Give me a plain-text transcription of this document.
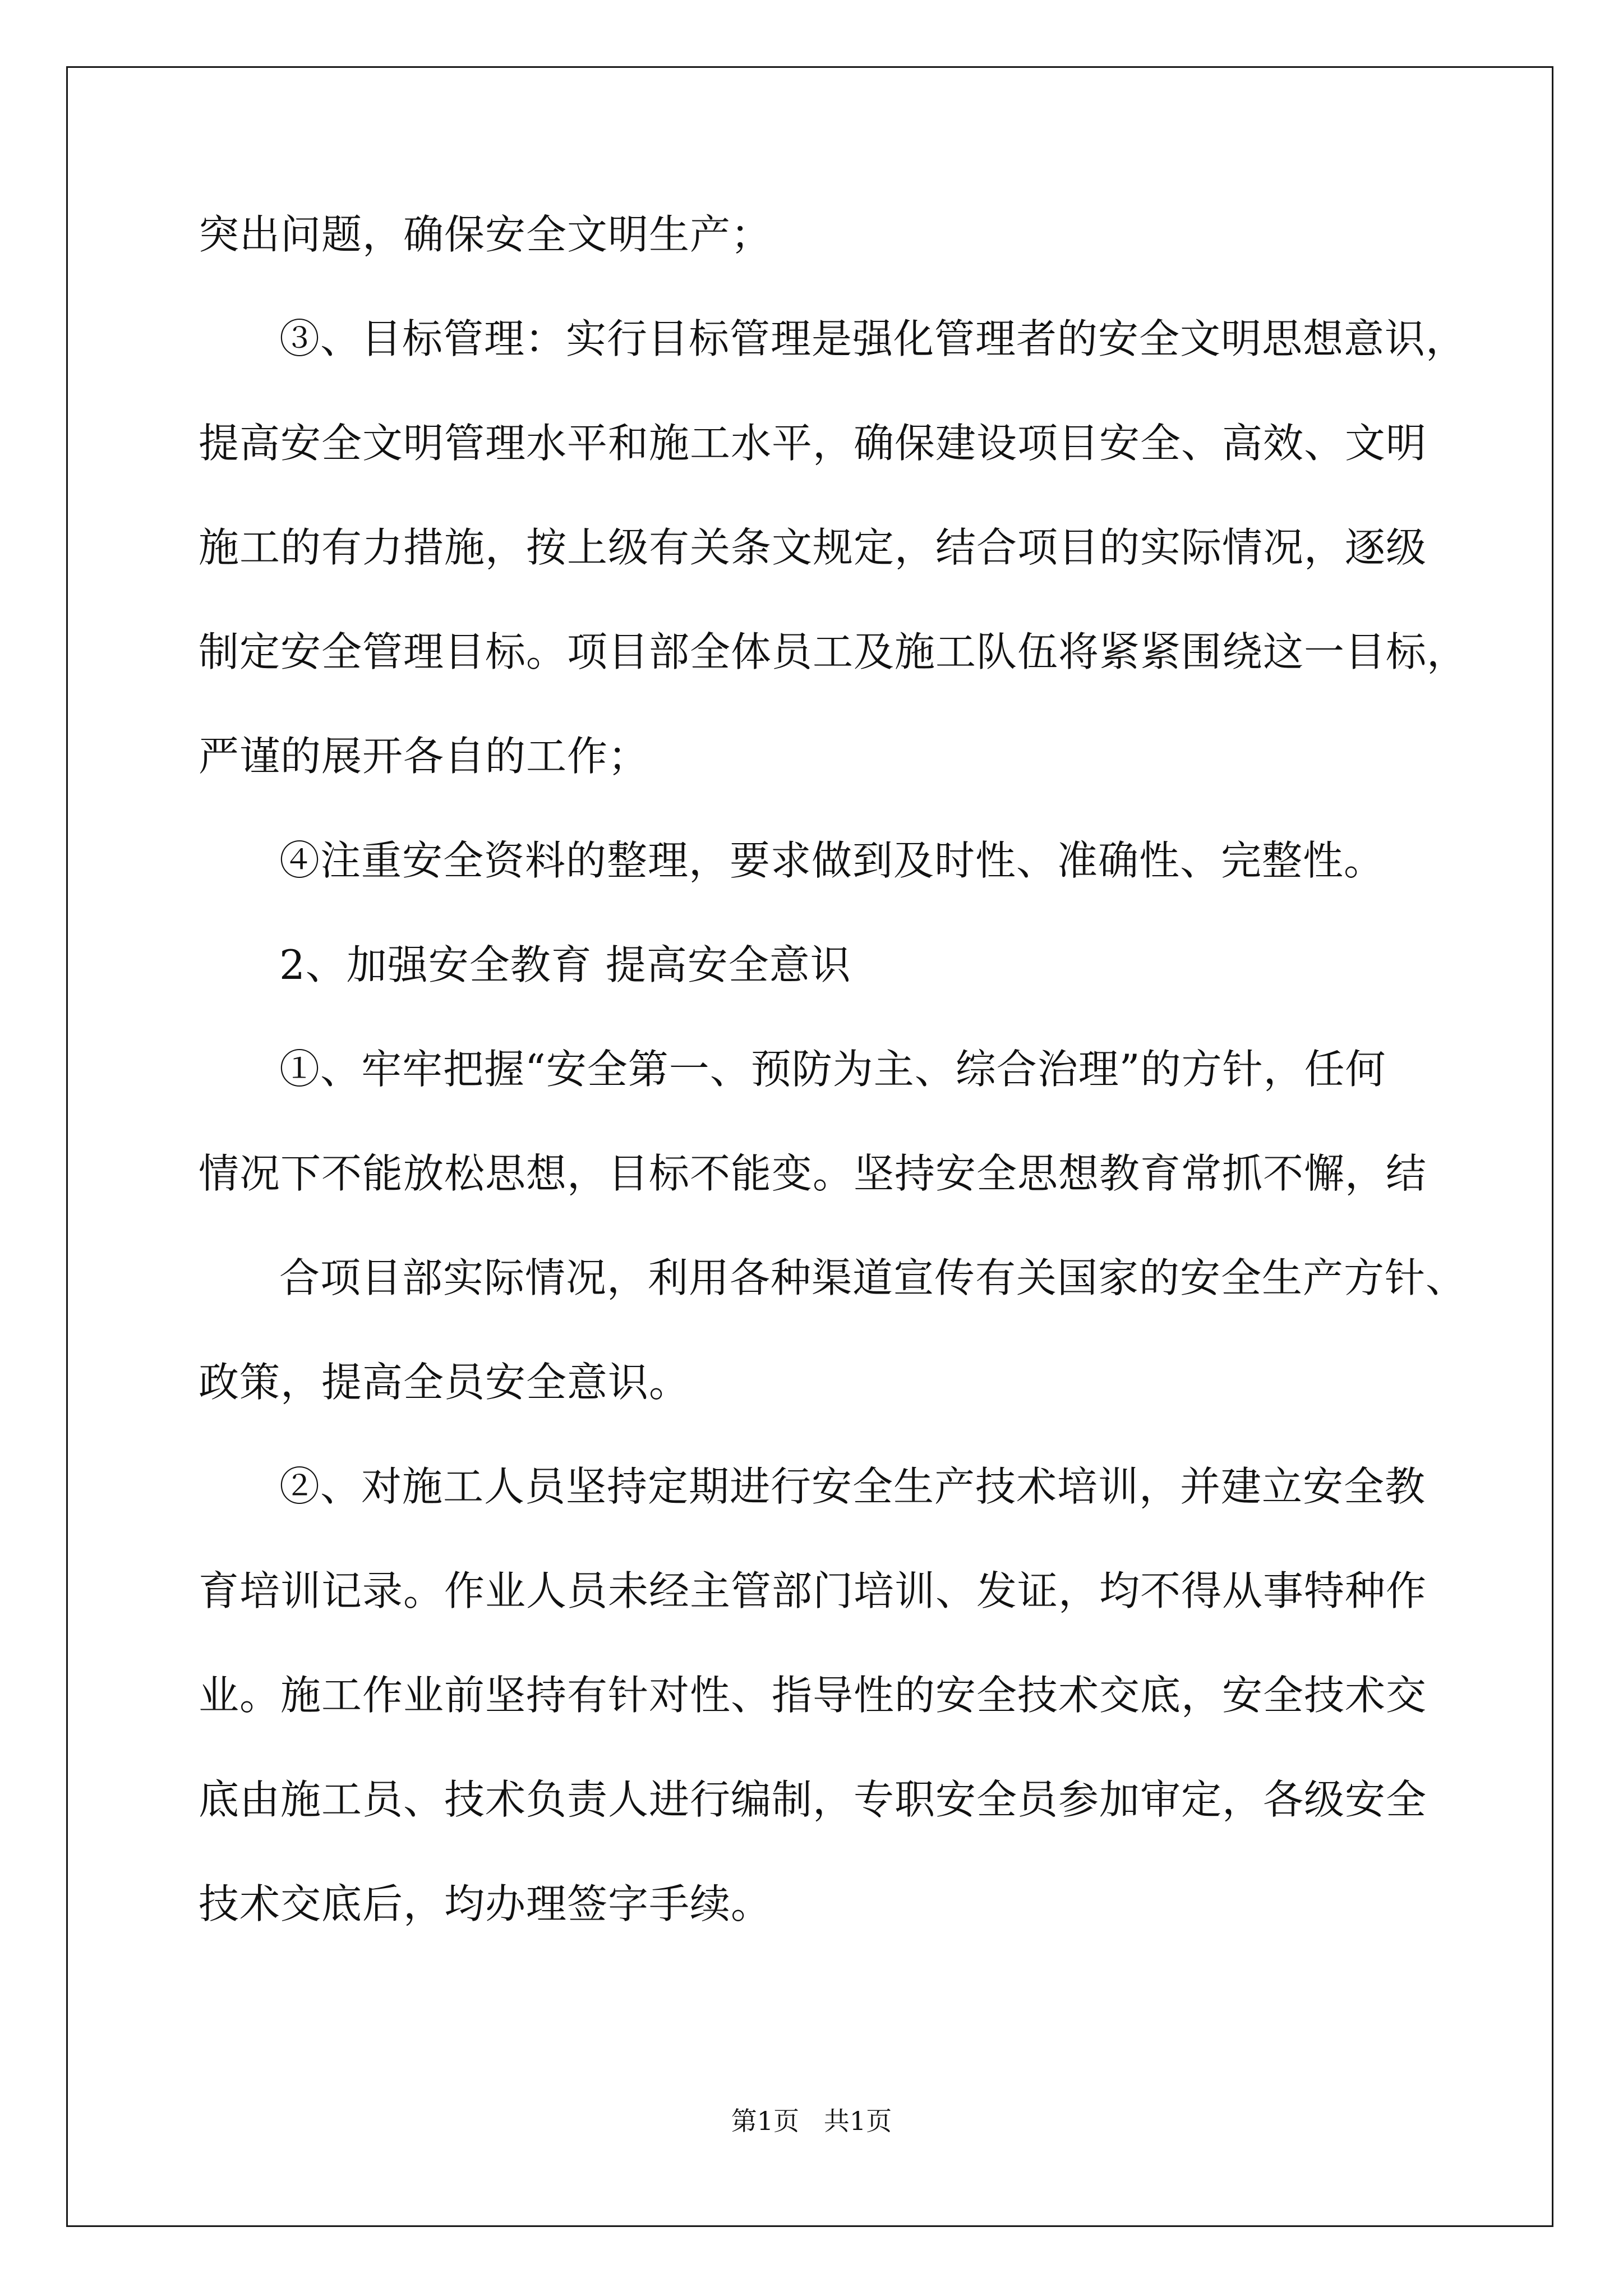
突出问题，确保安全文明生产；
③、目标管理：实行目标管理是强化管理者的安全文明思想意识，
提高安全文明管理水平和施工水平，确保建设项目安全、高效、文明
施工的有力措施，按上级有关条文规定，结合项目的实际情况，逐级
制定安全管理目标。项目部全体员工及施工队伍将紧紧围绕这一目标，
严谨的展开各自的工作；
④注重安全资料的整理，要求做到及时性、准确性、完整性。
2、加强安全教育 提高安全意识
①、牢牢把握“安全第一、预防为主、综合治理”的方针，任何
情况下不能放松思想，目标不能变。坚持安全思想教育常抓不懈，结
合项目部实际情况，利用各种渠道宣传有关国家的安全生产方针、
政策，提高全员安全意识。
②、对施工人员坚持定期进行安全生产技术培训，并建立安全教
育培训记录。作业人员未经主管部门培训、发证，均不得从事特种作
业。施工作业前坚持有针对性、指导性的安全技术交底，安全技术交
底由施工员、技术负责人进行编制，专职安全员参加审定，各级安全
技术交底后，均办理签字手续。
第1页   共1页
